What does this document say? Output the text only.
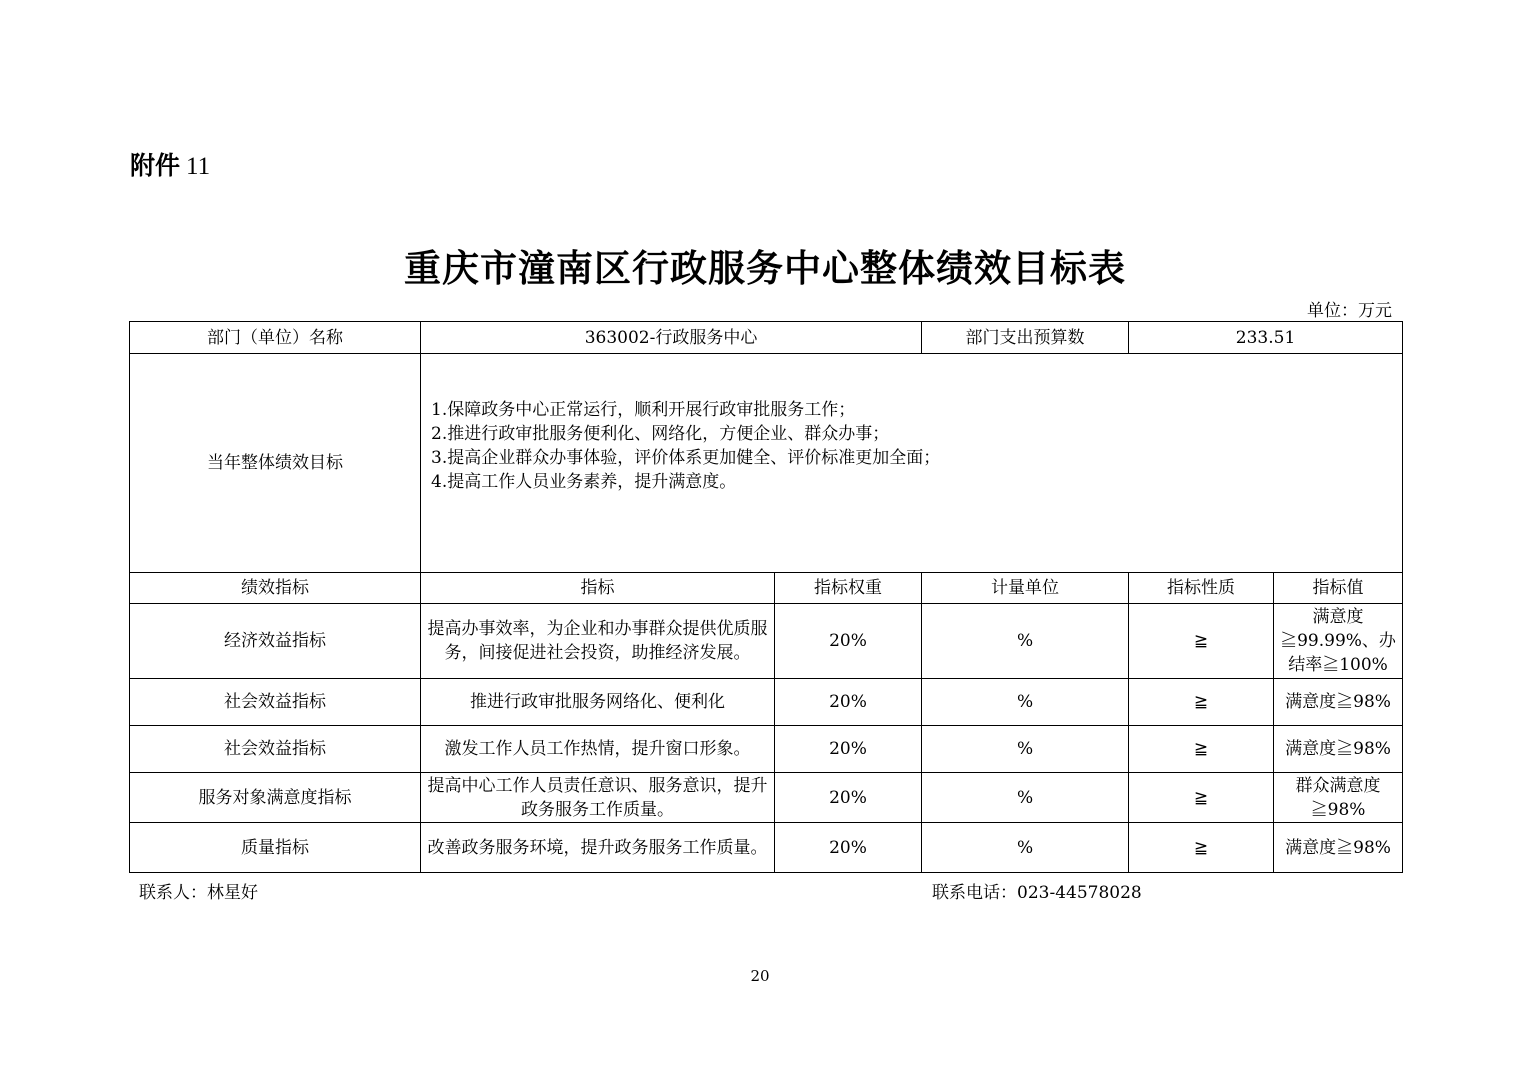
附件 11
重庆市潼南区行政服务中心整体绩效目标表
单位：万元
部门（单位）名称	363002-行政服务中心		部门支出预算数	233.51	
当年整体绩效目标	1.保障政务中心正常运行，顺利开展行政审批服务工作；
2.推进行政审批服务便利化、网络化，方便企业、群众办事；
3.提高企业群众办事体验，评价体系更加健全、评价标准更加全面；
4.提高工作人员业务素养，提升满意度。				

绩效指标	指标	指标权重	计量单位	指标性质	指标值
经济效益指标	提高办事效率，为企业和办事群众提供优质服务，间接促进社会投资，助推经济发展。	20%	%	≧	满意度≧99.99%、办结率≧100%
社会效益指标	推进行政审批服务网络化、便利化	20%	%	≧	满意度≧98%
社会效益指标	激发工作人员工作热情，提升窗口形象。	20%	%	≧	满意度≧98%
服务对象满意度指标	提高中心工作人员责任意识、服务意识，提升政务服务工作质量。	20%	%	≧	群众满意度≧98%
质量指标	改善政务服务环境，提升政务服务工作质量。	20%	%	≧	满意度≧98%
联系人：林星好	联系电话：023-44578028
20
